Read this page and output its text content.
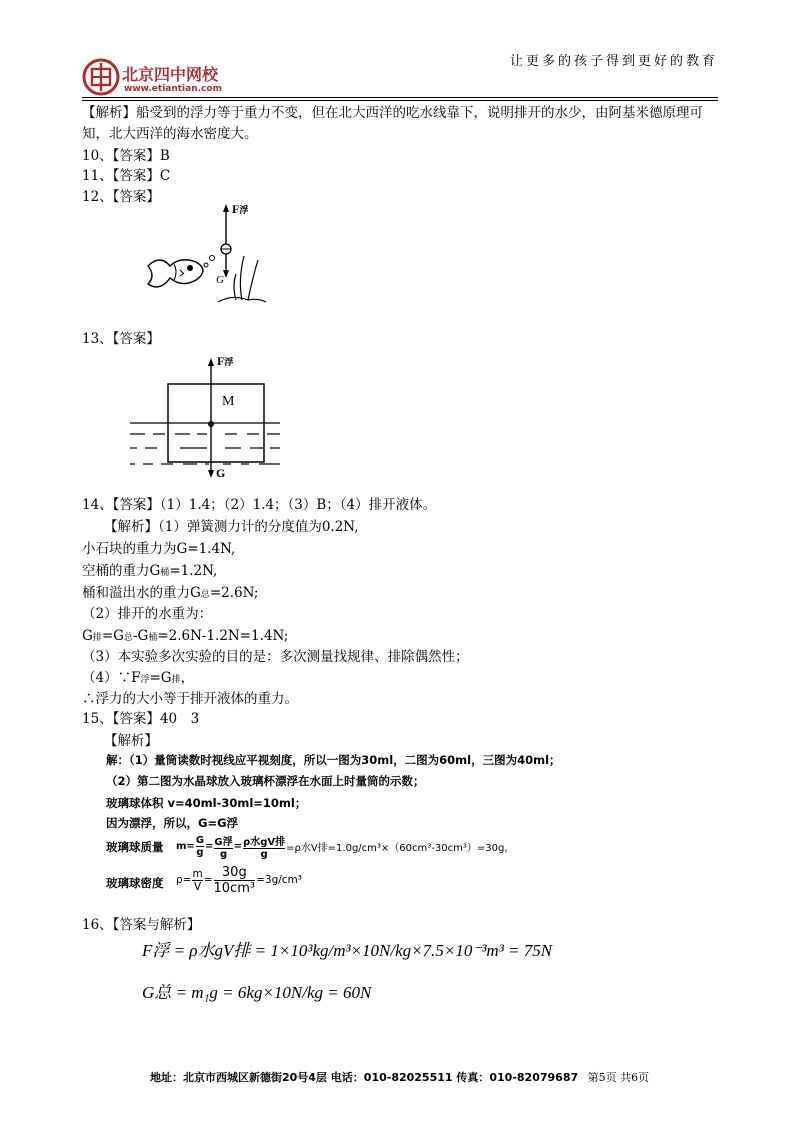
北京四中网校
www.etiantian.com
让更多的孩子得到更好的教育
【解析】船受到的浮力等于重力不变，但在北大西洋的吃水线靠下，说明排开的水少，由阿基米德原理可
知，北大西洋的海水密度大。
10、【答案】B
11、【答案】C
12、【答案】
F浮
G
13、【答案】
F浮
M
G
14、【答案】（1）1.4；（2）1.4；（3）B；（4）排开液体。
【解析】（1）弹簧测力计的分度值为0.2N,
小石块的重力为G=1.4N,
空桶的重力G桶=1.2N,
桶和溢出水的重力G总=2.6N;
（2）排开的水重为：
G排=G总-G桶=2.6N-1.2N=1.4N;
（3）本实验多次实验的目的是：多次测量找规律、排除偶然性；
（4）∵F浮=G排，
∴浮力的大小等于排开液体的重力。
15、【答案】40　3
【解析】
解：（1）量筒读数时视线应平视刻度，所以一图为30ml，二图为60ml，三图为40ml；
（2）第二图为水晶球放入玻璃杯漂浮在水面上时量筒的示数；
玻璃球体积 v=40ml-30ml=10ml；
因为漂浮，所以，G=G浮
玻璃球质量 $m= \frac{G}{g} = G$浮
g
= ρ水gV排
g
=ρ水V排=1.0g/cm³×（60cm³-30cm³）=30g，
玻璃球密度 $\rho= \frac{m}{V} = \frac{30g}{\text{10cm³}} =3g/cm^3$
16、【答案与解析】
F浮 = ρ水gV排 = 1×10³kg/m³×10N/kg×7.5×10⁻³m³ = 75N
G总 = m₁g = 6kg×10N/kg = 60N
地址：北京市西城区新德街20号4层 电话：010-82025511 传真：010-82079687 第5页 共6页
